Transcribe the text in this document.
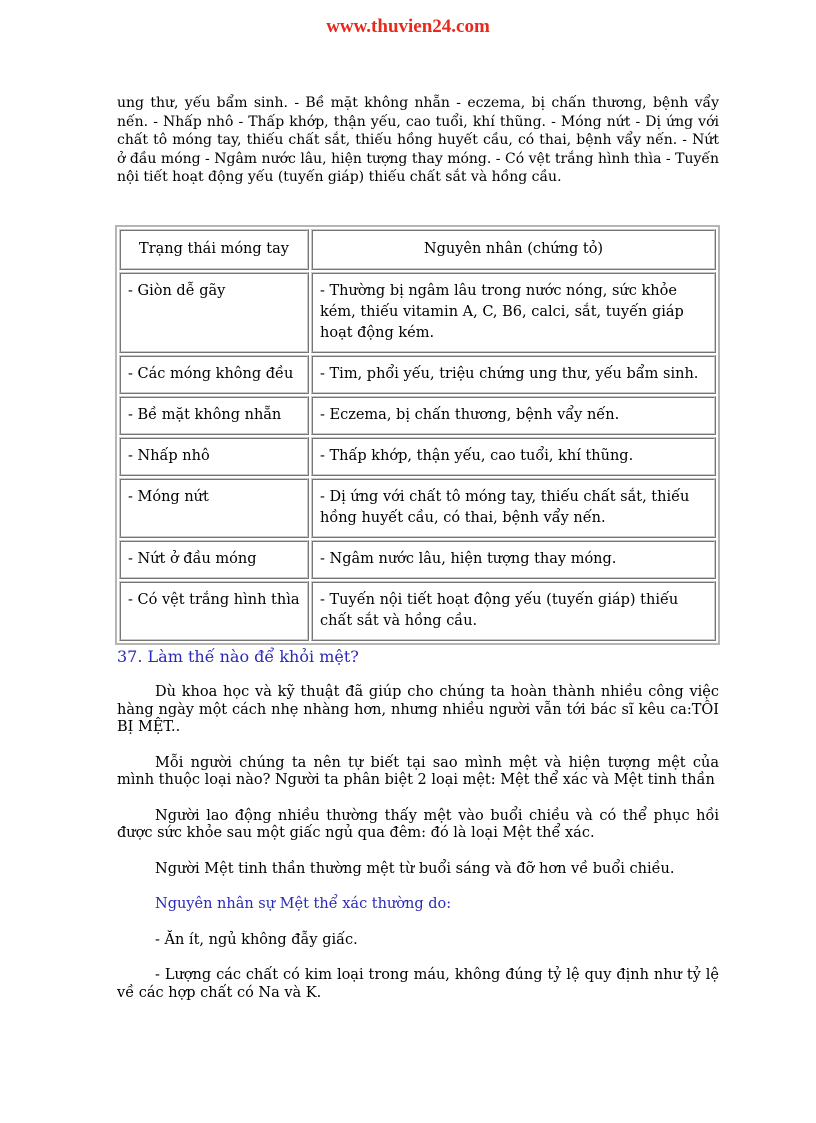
www.thuvien24.com

ung thư, yếu bẩm sinh. - Bề mặt không nhẵn - eczema, bị chấn thương, bệnh vẩy nến. - Nhấp nhô - Thấp khớp, thận yếu, cao tuổi, khí thũng. - Móng nứt - Dị ứng với chất tô móng tay, thiếu chất sắt, thiếu hồng huyết cầu, có thai, bệnh vẩy nến. - Nứt ở đầu móng - Ngâm nước lâu, hiện tượng thay móng. - Có vệt trắng hình thìa - Tuyến nội tiết hoạt động yếu (tuyến giáp) thiếu chất sắt và hồng cầu.

Trạng thái móng tay	Nguyên nhân (chứng tỏ)
- Giòn dễ gãy	- Thường bị ngâm lâu trong nước nóng, sức khỏe kém, thiếu vitamin A, C, B6, calci, sắt, tuyến giáp hoạt động kém.
- Các móng không đều	- Tim, phổi yếu, triệu chứng ung thư, yếu bẩm sinh.
- Bề mặt không nhẵn	- Eczema, bị chấn thương, bệnh vẩy nến.
- Nhấp nhô	- Thấp khớp, thận yếu, cao tuổi, khí thũng.
- Móng nứt	- Dị ứng với chất tô móng tay, thiếu chất sắt, thiếu hồng huyết cầu, có thai, bệnh vẩy nến.
- Nứt ở đầu móng	- Ngâm nước lâu, hiện tượng thay móng.
- Có vệt trắng hình thìa	- Tuyến nội tiết hoạt động yếu (tuyến giáp) thiếu chất sắt và hồng cầu.
37. Làm thế nào để khỏi mệt?

Dù khoa học và kỹ thuật đã giúp cho chúng ta hoàn thành nhiều công việc hàng ngày một cách nhẹ nhàng hơn, nhưng nhiều người vẫn tới bác sĩ kêu ca:TÔI BỊ MỆT..

Mỗi người chúng ta nên tự biết tại sao mình mệt và hiện tượng mệt của mình thuộc loại nào? Người ta phân biệt 2 loại mệt: Mệt thể xác và Mệt tinh thần

Người lao động nhiều thường thấy mệt vào buổi chiều và có thể phục hồi được sức khỏe sau một giấc ngủ qua đêm: đó là loại Mệt thể xác.

Người Mệt tinh thần thường mệt từ buổi sáng và đỡ hơn về buổi chiều.

Nguyên nhân sự Mệt thể xác thường do:

- Ăn ít, ngủ không đẫy giấc.

- Lượng các chất có kim loại trong máu, không đúng tỷ lệ quy định như tỷ lệ về các hợp chất có Na và K.
